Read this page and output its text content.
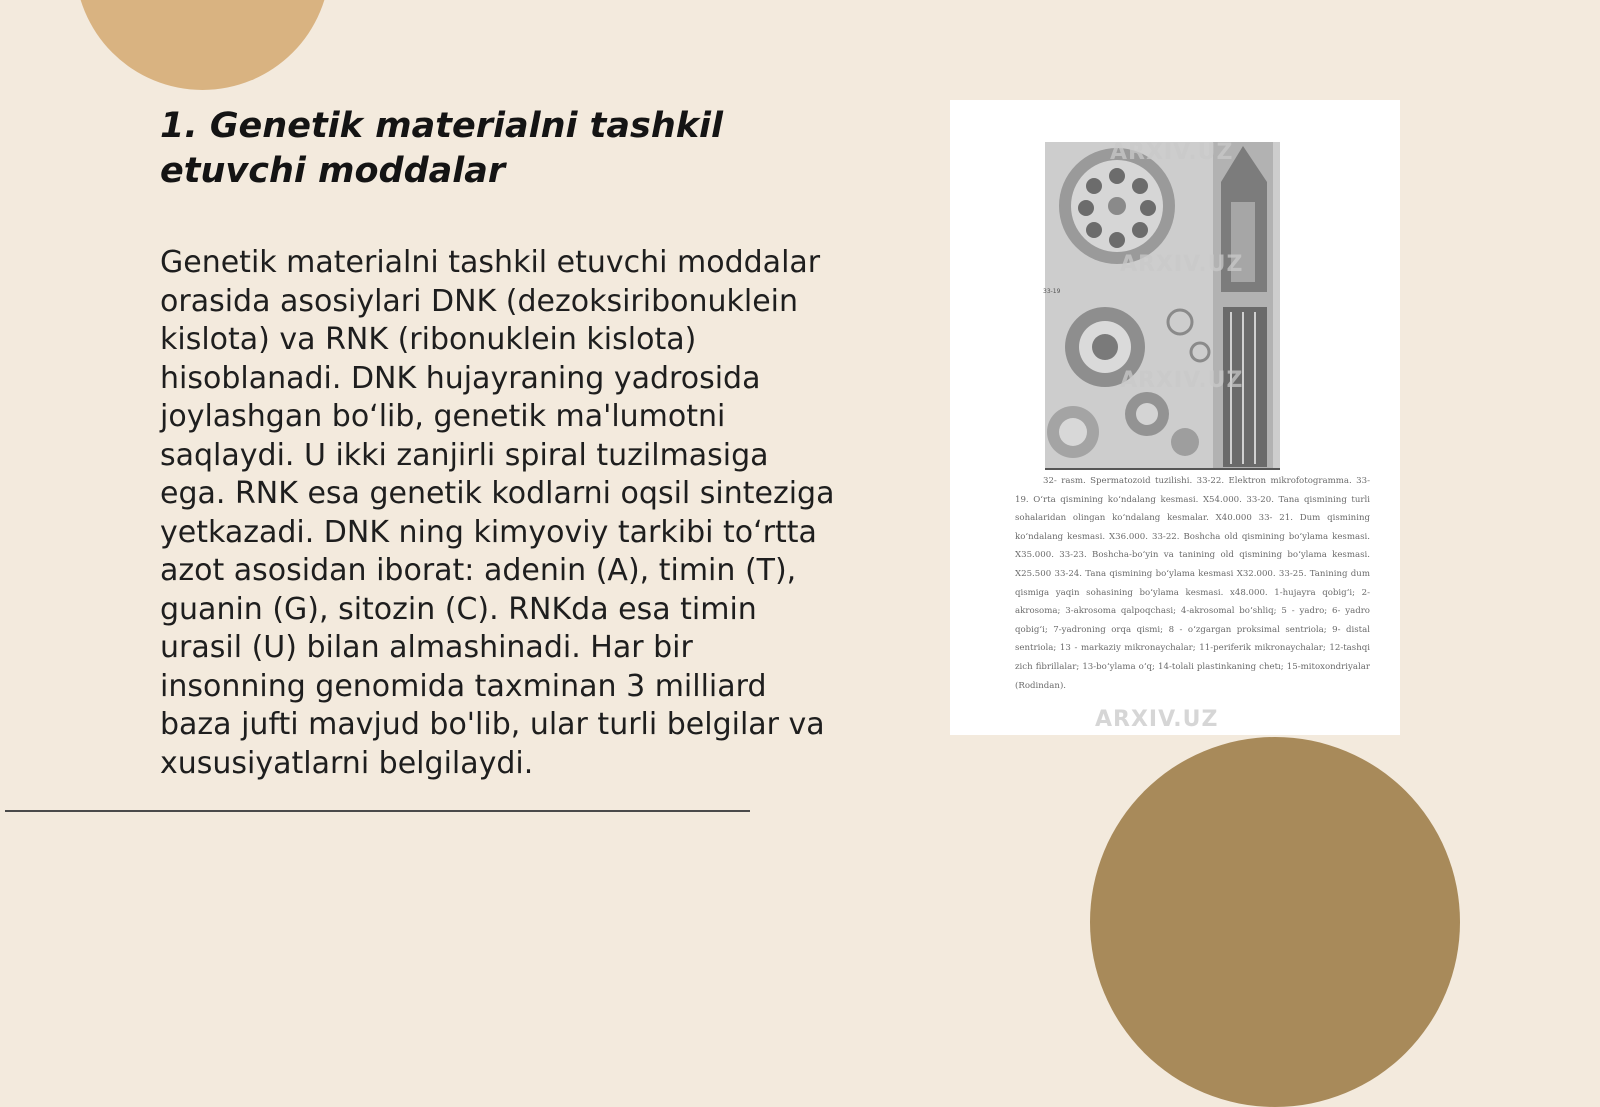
1. Genetik materialni tashkil etuvchi moddalar

Genetik materialni tashkil etuvchi moddalar orasida asosiylari DNK (dezoksiribonuklein kislota) va RNK (ribonuklein kislota) hisoblanadi. DNK hujayraning yadrosida joylashgan bo‘lib, genetik ma'lumotni saqlaydi. U ikki zanjirli spiral tuzilmasiga ega. RNK esa genetik kodlarni oqsil sinteziga yetkazadi. DNK ning kimyoviy tarkibi to‘rtta azot asosidan iborat: adenin (A), timin (T), guanin (G), sitozin (C). RNKda esa timin urasil (U) bilan almashinadi. Har bir insonning genomida taxminan 3 milliard baza jufti mavjud bo'lib, ular turli belgilar va xususiyatlarni belgilaydi.

ARXIV.UZ
ARXIV.UZ
ARXIV.UZ
ARXIV.UZ
33-19
32- rasm. Spermatozoid tuzilishi. 33-22. Elektron mikrofotogramma. 33-19. O‘rta qismining ko‘ndalang kesmasi. X54.000. 33-20. Tana qismining turli sohalaridan olingan ko‘ndalang kesmalar. X40.000 33- 21. Dum qismining ko‘ndalang kesmasi. X36.000. 33-22. Boshcha old qismining bo‘ylama kesmasi. X35.000. 33-23. Boshcha-bo‘yin va tanining old qismining bo‘ylama kesmasi. X25.500 33-24. Tana qismining bo‘ylama kesmasi X32.000. 33-25. Tanining dum qismiga yaqin sohasining bo‘ylama kesmasi. x48.000. 1-hujayra qobig‘i; 2-akrosoma; 3-akrosoma qalpoqchasi; 4-akrosomal bo‘shliq; 5 - yadro; 6- yadro qobig‘i; 7-yadroning orqa qismi; 8 - o‘zgargan proksimal sentriola; 9- distal sentriola; 13 - markaziy mikronaychalar; 11-periferik mikronaychalar; 12-tashqi zich fibrillalar; 13-bo‘ylama o‘q; 14-tolali plastinkaning chetı; 15-mitoxondriyalar (Rodindan).
